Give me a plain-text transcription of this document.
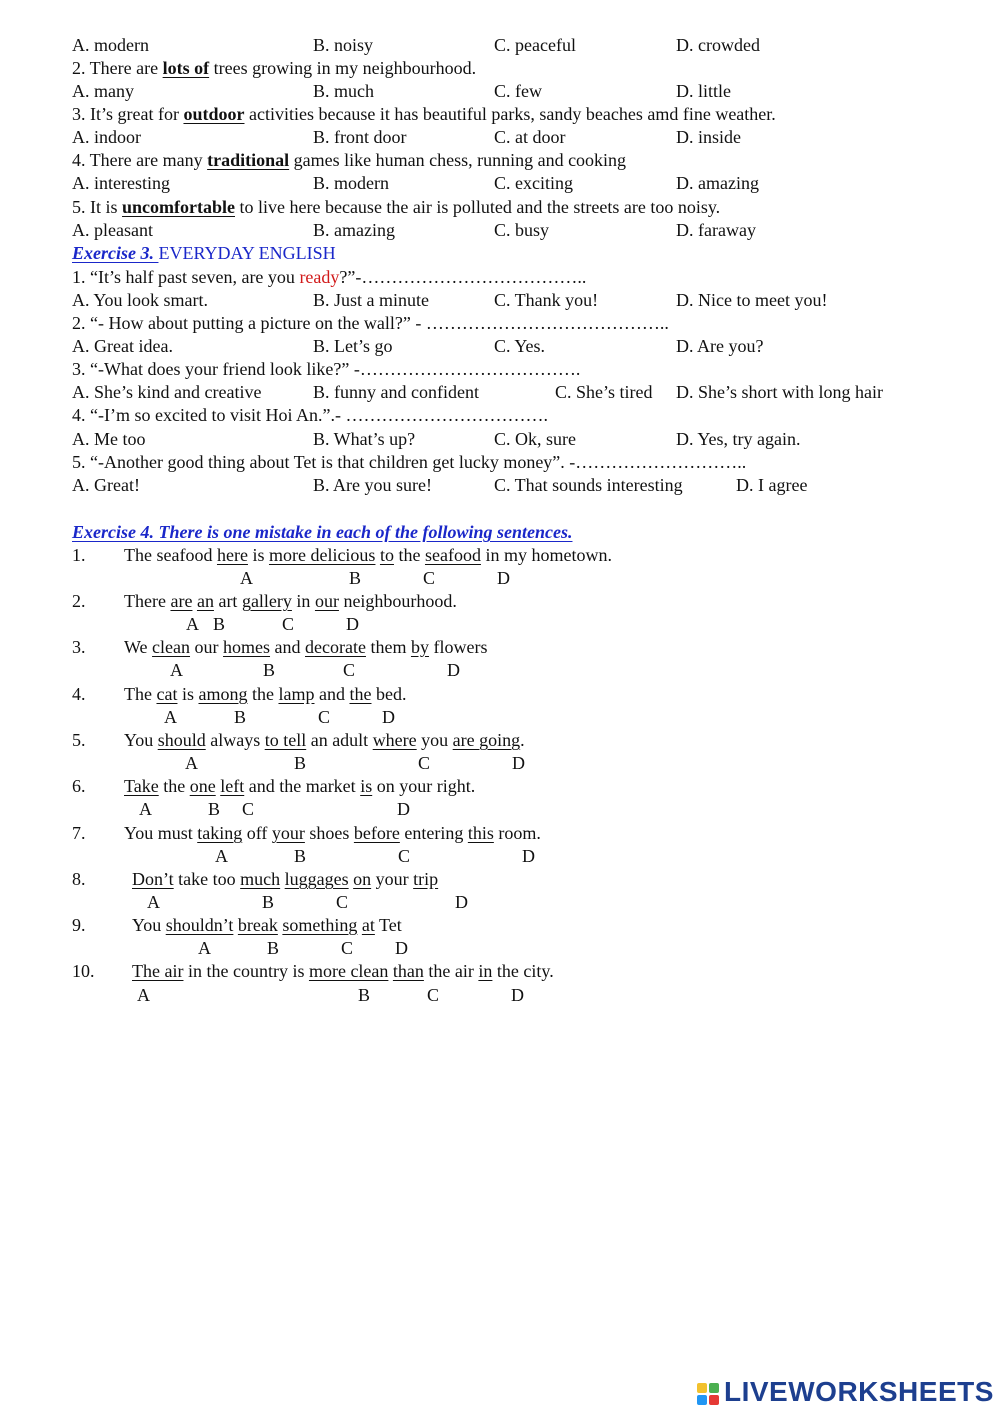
A. modern	B. noisy	C. peaceful	D. crowded
2. There are lots of trees growing in my neighbourhood.
A. many	B. much	C. few	D. little
3. It’s great for outdoor activities because it has beautiful parks, sandy beaches amd fine weather.
A. indoor	B. front door	C. at door	D. inside
4. There are many traditional games like human chess, running and cooking
A. interesting	B. modern	C. exciting	D. amazing
5. It is uncomfortable to live here because the air is polluted and the streets are too noisy.
A. pleasant	B. amazing	C. busy	D. faraway
Exercise 3. EVERYDAY ENGLISH
1. “It’s half past seven, are you ready?”-………………………………..
A. You look smart.	B. Just a minute	C. Thank you!	D. Nice to meet you!
2. “- How about putting a picture on the wall?” - …………………………………..
A. Great idea.	B. Let’s go	C. Yes.	D. Are you?
3. “-What does your friend look like?” -……………………………….
A. She’s kind and creative	B. funny and confident	C. She’s tired D. She’s short with long hair
4. “-I’m so excited to visit Hoi An.”.- …………………………….
A. Me too	B. What’s up?	C. Ok, sure	D. Yes, try again.
5. “-Another good thing about Tet is that children get lucky money”. -………………………..
A. Great!	B. Are you sure!	C. That sounds interesting	D. I agree
Exercise 4. There is one mistake in each of the following sentences.
1. The seafood here is more delicious to the seafood in my hometown.
A	B	C	D
2. There are an art gallery in our neighbourhood.
A B	C	D
3. We clean our homes and decorate them by flowers
A	B	C	D
4. The cat is among the lamp and the bed.
A	B	C	D
5. You should always to tell an adult where you are going.
A	B	C	D
6. Take the one left and the market is on your right.
A	B C	D
7. You must taking off your shoes before entering this room.
A	B	C	D
8.	Don’t take too much luggages on your trip
A	B	C	D
9.	You shouldn’t break something at Tet
A	B	C D
10. The air in the country is more clean than the air in the city.
A	B	C	D
LIVEWORKSHEETS
